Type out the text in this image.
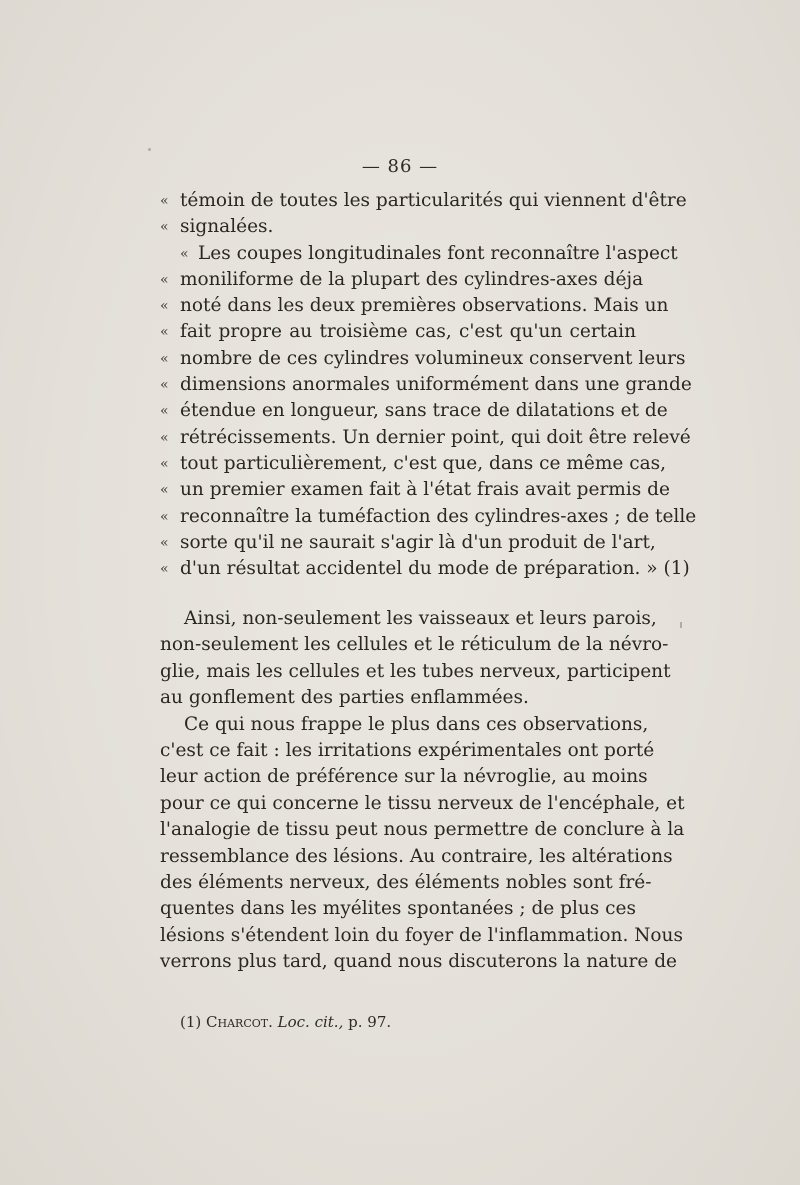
— 86 —
« témoin de toutes les particularités qui viennent d'être
« signalées.
« Les coupes longitudinales font reconnaître l'aspect
« moniliforme de la plupart des cylindres-axes déja
« noté dans les deux premières observations. Mais un
« fait propre au troisième cas, c'est qu'un certain
« nombre de ces cylindres volumineux conservent leurs
« dimensions anormales uniformément dans une grande
« étendue en longueur, sans trace de dilatations et de
« rétrécissements. Un dernier point, qui doit être relevé
« tout particulièrement, c'est que, dans ce même cas,
« un premier examen fait à l'état frais avait permis de
« reconnaître la tuméfaction des cylindres-axes ; de telle
« sorte qu'il ne saurait s'agir là d'un produit de l'art,
« d'un résultat accidentel du mode de préparation. » (1)
Ainsi, non-seulement les vaisseaux et leurs parois,
non-seulement les cellules et le réticulum de la névro-
glie, mais les cellules et les tubes nerveux, participent
au gonflement des parties enflammées.
Ce qui nous frappe le plus dans ces observations,
c'est ce fait : les irritations expérimentales ont porté
leur action de préférence sur la névroglie, au moins
pour ce qui concerne le tissu nerveux de l'encéphale, et
l'analogie de tissu peut nous permettre de conclure à la
ressemblance des lésions. Au contraire, les altérations
des éléments nerveux, des éléments nobles sont fré-
quentes dans les myélites spontanées ; de plus ces
lésions s'étendent loin du foyer de l'inflammation. Nous
verrons plus tard, quand nous discuterons la nature de
(1) Charcot. Loc. cit., p. 97.
